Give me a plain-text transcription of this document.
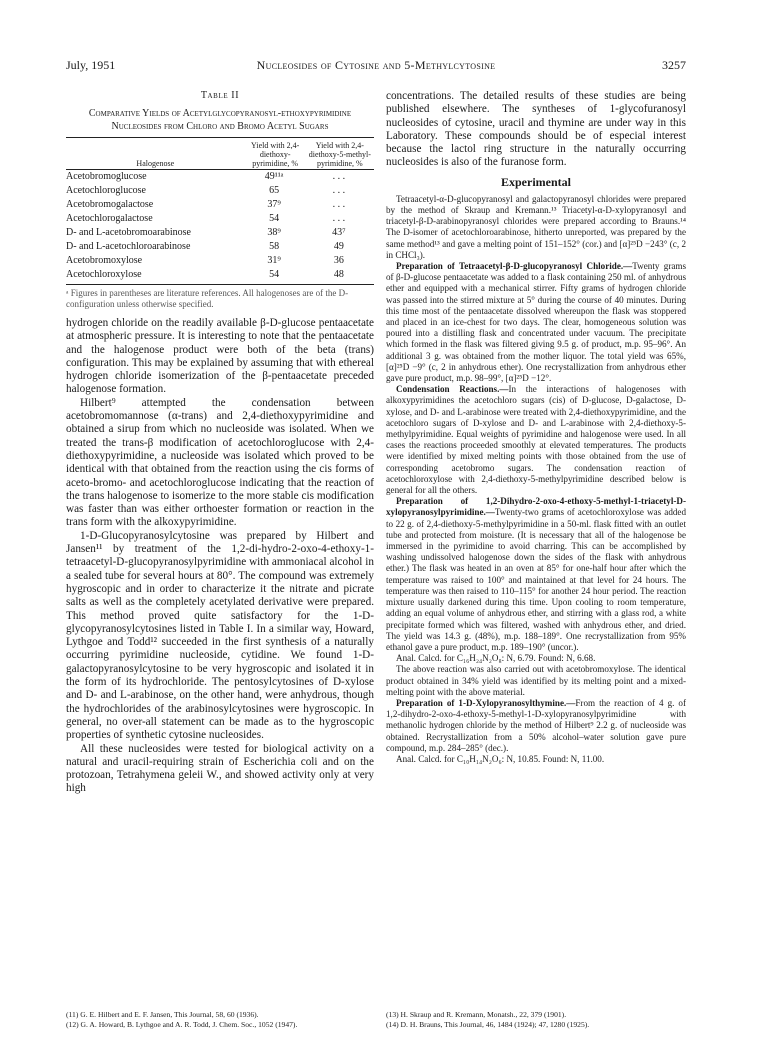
July, 1951	Nucleosides of Cytosine and 5-Methylcytosine	3257
Table II
Comparative Yields of Acetylglycopyranosyl-ethoxypyrimidine Nucleosides from Chloro and Bromo Acetyl Sugars
Halogenose	Yield with 2,4-diethoxy-pyrimidine, %	Yield with 2,4-diethoxy-5-methyl-pyrimidine, %
Acetobromoglucose	49¹¹ᵃ	. . .
Acetochloroglucose	65	. . .
Acetobromogalactose	37⁹	. . .
Acetochlorogalactose	54	. . .
D- and L-acetobromoarabinose	38⁹	43⁷
D- and L-acetochloroarabinose	58	49
Acetobromoxylose	31⁹	36
Acetochloroxylose	54	48
ᵃ Figures in parentheses are literature references. All halogenoses are of the D-configuration unless otherwise specified.

hydrogen chloride on the readily available β-D-glucose pentaacetate at atmospheric pressure. It is interesting to note that the pentaacetate and the halogenose product were both of the beta (trans) configuration. This may be explained by assuming that with ethereal hydrogen chloride isomerization of the β-pentaacetate preceded halogenose formation.

Hilbert⁹ attempted the condensation between acetobromomannose (α-trans) and 2,4-diethoxypyrimidine and obtained a sirup from which no nucleoside was isolated. When we treated the trans-β modification of acetochloroglucose with 2,4-diethoxypyrimidine, a nucleoside was isolated which proved to be identical with that obtained from the reaction using the cis forms of aceto-bromo- and acetochloroglucose indicating that the reaction of the trans halogenose to isomerize to the more stable cis modification was faster than was either orthoester formation or reaction in the trans form with the alkoxypyrimidine.

1-D-Glucopyranosylcytosine was prepared by Hilbert and Jansen¹¹ by treatment of the 1,2-di-hydro-2-oxo-4-ethoxy-1-tetraacetyl-D-glucopyranosylpyrimidine with ammoniacal alcohol in a sealed tube for several hours at 80°. The compound was extremely hygroscopic and in order to characterize it the nitrate and picrate salts as well as the completely acetylated derivative were prepared. This method proved quite satisfactory for the 1-D-glycopyranosylcytosines listed in Table I. In a similar way, Howard, Lythgoe and Todd¹² succeeded in the first synthesis of a naturally occurring pyrimidine nucleoside, cytidine. We found 1-D-galactopyranosylcytosine to be very hygroscopic and isolated it in the form of its hydrochloride. The pentosylcytosines of D-xylose and D- and L-arabinose, on the other hand, were anhydrous, though the hydrochlorides of the arabinosylcytosines were hygroscopic. In general, no over-all statement can be made as to the hygroscopic properties of synthetic cytosine nucleosides.

All these nucleosides were tested for biological activity on a natural and uracil-requiring strain of Escherichia coli and on the protozoan, Tetrahymena geleii W., and showed activity only at very high

concentrations. The detailed results of these studies are being published elsewhere. The syntheses of 1-glycofuranosyl nucleosides of cytosine, uracil and thymine are under way in this Laboratory. These compounds should be of especial interest because the lactol ring structure in the naturally occurring nucleosides is also of the furanose form.

Experimental

Tetraacetyl-α-D-glucopyranosyl and galactopyranosyl chlorides were prepared by the method of Skraup and Kremann.¹³ Triacetyl-α-D-xylopyranosyl and triacetyl-β-D-arabinopyranosyl chlorides were prepared according to Brauns.¹⁴ The D-isomer of acetochloroarabinose, hitherto unreported, was prepared by the same method¹³ and gave a melting point of 151–152° (cor.) and [α]²⁵D −243° (c, 2 in CHCl₃).

Preparation of Tetraacetyl-β-D-glucopyranosyl Chloride.—Twenty grams of β-D-glucose pentaacetate was added to a flask containing 250 ml. of anhydrous ether and equipped with a mechanical stirrer. Fifty grams of hydrogen chloride was passed into the stirred mixture at 5° during the course of 40 minutes. During this time most of the pentaacetate dissolved whereupon the flask was stoppered and placed in an ice-chest for two days. The clear, homogeneous solution was poured into a distilling flask and concentrated under vacuum. The precipitate which formed in the flask was filtered giving 9.5 g. of product, m.p. 95–96°. An additional 3 g. was obtained from the mother liquor. The total yield was 65%, [α]²⁵D −9° (c, 2 in anhydrous ether). One recrystallization from anhydrous ether gave pure product, m.p. 98–99°, [α]²⁵D −12°.

Condensation Reactions.—In the interactions of halogenoses with alkoxypyrimidines the acetochloro sugars (cis) of D-glucose, D-galactose, D-xylose, and D- and L-arabinose were treated with 2,4-diethoxypyrimidine, and the acetochloro sugars of D-xylose and D- and L-arabinose with 2,4-diethoxy-5-methylpyrimidine. Equal weights of pyrimidine and halogenose were used. In all cases the reactions proceeded smoothly at elevated temperatures. The products were identified by mixed melting points with those obtained from the use of corresponding acetobromo sugars. The condensation reaction of acetochloroxylose with 2,4-diethoxy-5-methylpyrimidine described below is general for all the others.

Preparation of 1,2-Dihydro-2-oxo-4-ethoxy-5-methyl-1-triacetyl-D-xylopyranosylpyrimidine.—Twenty-two grams of acetochloroxylose was added to 22 g. of 2,4-diethoxy-5-methylpyrimidine in a 50-ml. flask fitted with an outlet tube and protected from moisture. (It is necessary that all of the halogenose be immersed in the pyrimidine to avoid charring. This can be accomplished by washing undissolved halogenose down the sides of the flask with anhydrous ether.) The flask was heated in an oven at 85° for one-half hour after which the temperature was raised to 100° and maintained at that level for 24 hours. The temperature was then raised to 110–115° for another 24 hour period. The reaction mixture usually darkened during this time. Upon cooling to room temperature, adding an equal volume of anhydrous ether, and stirring with a glass rod, a white precipitate formed which was filtered, washed with anhydrous ether, and dried. The yield was 14.3 g. (48%), m.p. 188–189°. One recrystallization from 95% ethanol gave a pure product, m.p. 189–190° (uncor.).

Anal. Calcd. for C₁₆H₂₄N₂O₈: N, 6.79. Found: N, 6.68.

The above reaction was also carried out with acetobromoxylose. The identical product obtained in 34% yield was identified by its melting point and a mixed-melting point with the above material.

Preparation of 1-D-Xylopyranosylthymine.—From the reaction of 4 g. of 1,2-dihydro-2-oxo-4-ethoxy-5-methyl-1-D-xylopyranosylpyrimidine with methanolic hydrogen chloride by the method of Hilbert⁹ 2.2 g. of nucleoside was obtained. Recrystallization from a 50% alcohol–water solution gave pure compound, m.p. 284–285° (dec.).

Anal. Calcd. for C₁₀H₁₄N₂O₆: N, 10.85. Found: N, 11.00.

(11) G. E. Hilbert and E. F. Jansen, This Journal, 58, 60 (1936).
(12) G. A. Howard, B. Lythgoe and A. R. Todd, J. Chem. Soc., 1052 (1947).
(13) H. Skraup and R. Kremann, Monatsh., 22, 379 (1901).
(14) D. H. Brauns, This Journal, 46, 1484 (1924); 47, 1280 (1925).
